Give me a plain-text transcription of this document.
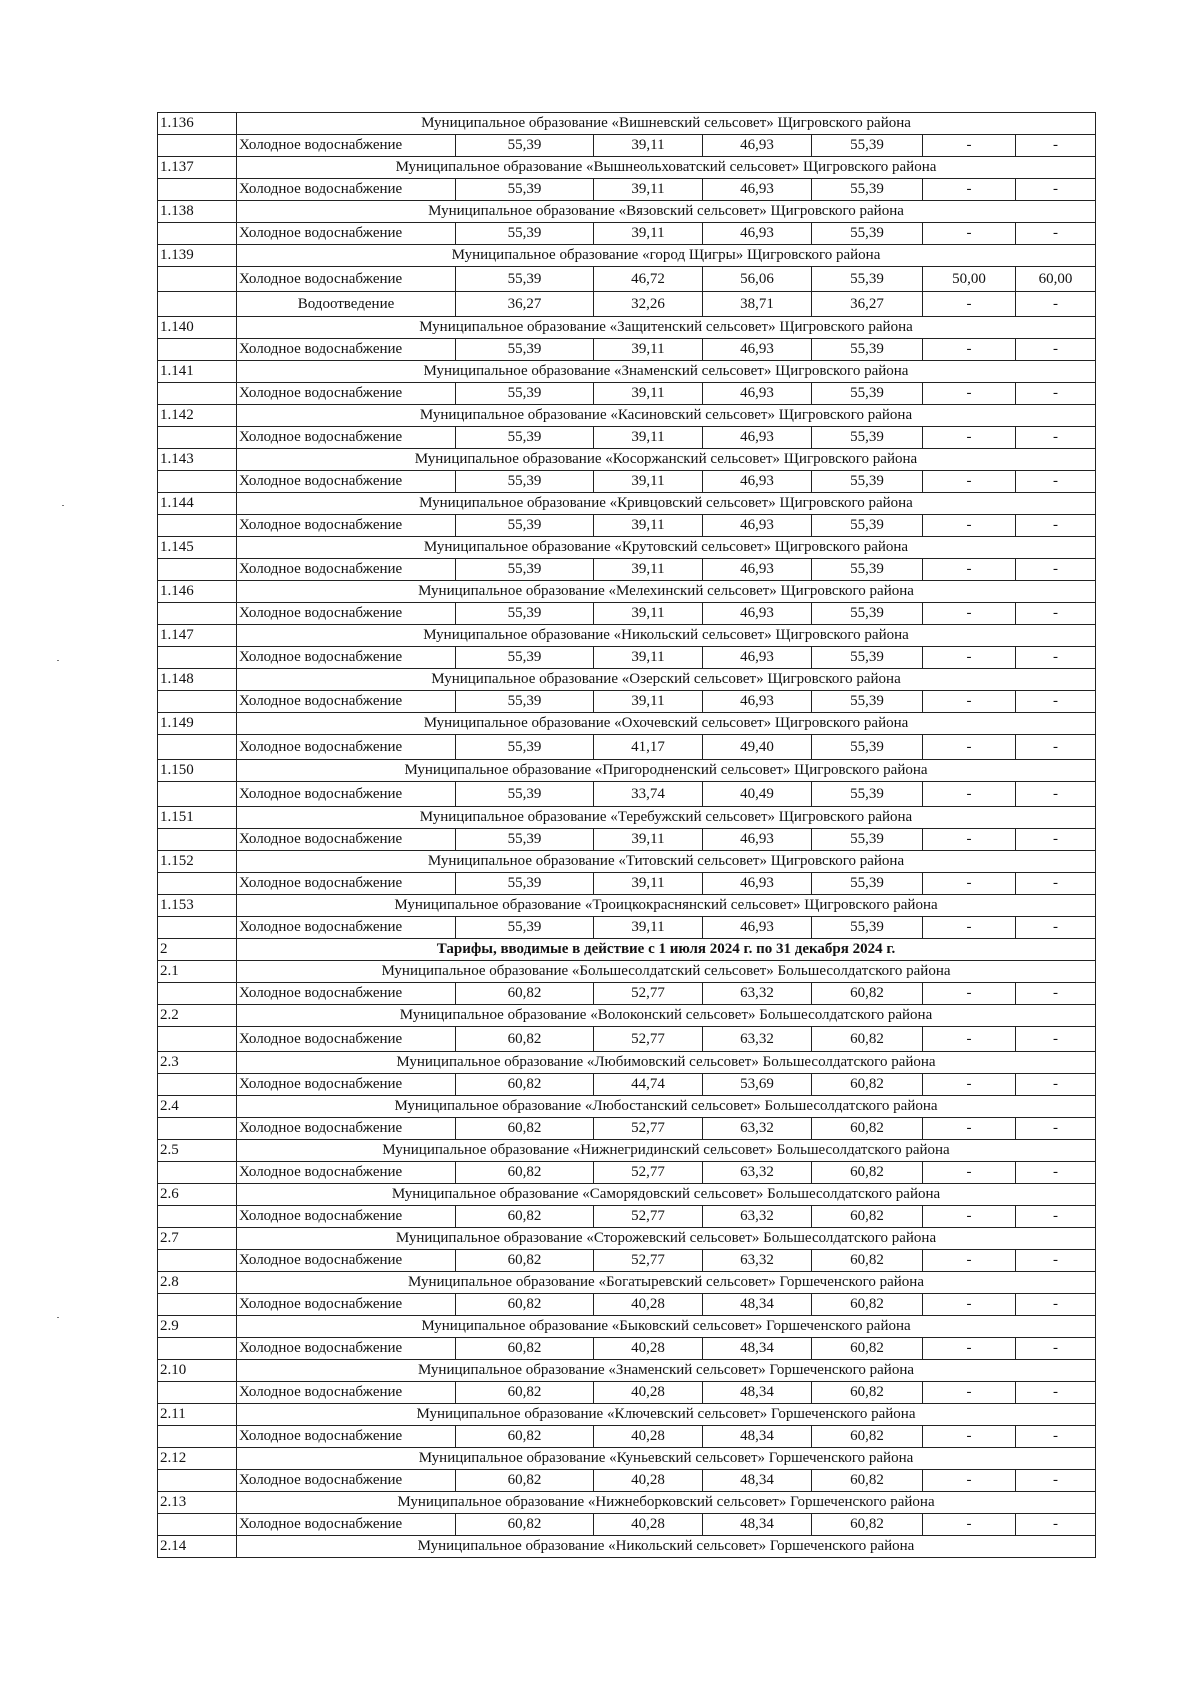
1.136	Муниципальное образование «Вишневский сельсовет» Щигровского района						
	Холодное водоснабжение	55,39	39,11	46,93	55,39	-	-
1.137	Муниципальное образование «Вышнеольховатский сельсовет» Щигровского района						
	Холодное водоснабжение	55,39	39,11	46,93	55,39	-	-
1.138	Муниципальное образование «Вязовский сельсовет» Щигровского района						
	Холодное водоснабжение	55,39	39,11	46,93	55,39	-	-
1.139	Муниципальное образование «город Щигры» Щигровского района						
	Холодное водоснабжение	55,39	46,72	56,06	55,39	50,00	60,00
	Водоотведение	36,27	32,26	38,71	36,27	-	-
1.140	Муниципальное образование «Защитенский сельсовет» Щигровского района						
	Холодное водоснабжение	55,39	39,11	46,93	55,39	-	-
1.141	Муниципальное образование «Знаменский сельсовет» Щигровского района						
	Холодное водоснабжение	55,39	39,11	46,93	55,39	-	-
1.142	Муниципальное образование «Касиновский сельсовет» Щигровского района						
	Холодное водоснабжение	55,39	39,11	46,93	55,39	-	-
1.143	Муниципальное образование «Косоржанский сельсовет» Щигровского района						
	Холодное водоснабжение	55,39	39,11	46,93	55,39	-	-
1.144	Муниципальное образование «Кривцовский сельсовет» Щигровского района						
	Холодное водоснабжение	55,39	39,11	46,93	55,39	-	-
1.145	Муниципальное образование «Крутовский сельсовет» Щигровского района						
	Холодное водоснабжение	55,39	39,11	46,93	55,39	-	-
1.146	Муниципальное образование «Мелехинский сельсовет» Щигровского района						
	Холодное водоснабжение	55,39	39,11	46,93	55,39	-	-
1.147	Муниципальное образование «Никольский сельсовет» Щигровского района						
	Холодное водоснабжение	55,39	39,11	46,93	55,39	-	-
1.148	Муниципальное образование «Озерский сельсовет» Щигровского района						
	Холодное водоснабжение	55,39	39,11	46,93	55,39	-	-
1.149	Муниципальное образование «Охочевский сельсовет» Щигровского района						
	Холодное водоснабжение	55,39	41,17	49,40	55,39	-	-
1.150	Муниципальное образование «Пригородненский сельсовет» Щигровского района						
	Холодное водоснабжение	55,39	33,74	40,49	55,39	-	-
1.151	Муниципальное образование «Теребужский сельсовет» Щигровского района						
	Холодное водоснабжение	55,39	39,11	46,93	55,39	-	-
1.152	Муниципальное образование «Титовский сельсовет» Щигровского района						
	Холодное водоснабжение	55,39	39,11	46,93	55,39	-	-
1.153	Муниципальное образование «Троицкокраснянский сельсовет» Щигровского района						
	Холодное водоснабжение	55,39	39,11	46,93	55,39	-	-
2	Тарифы, вводимые в действие с 1 июля 2024 г. по 31 декабря 2024 г.						
2.1	Муниципальное образование «Большесолдатский сельсовет» Большесолдатского района						
	Холодное водоснабжение	60,82	52,77	63,32	60,82	-	-
2.2	Муниципальное образование «Волоконский сельсовет» Большесолдатского района						
	Холодное водоснабжение	60,82	52,77	63,32	60,82	-	-
2.3	Муниципальное образование «Любимовский сельсовет» Большесолдатского района						
	Холодное водоснабжение	60,82	44,74	53,69	60,82	-	-
2.4	Муниципальное образование «Любостанский сельсовет» Большесолдатского района						
	Холодное водоснабжение	60,82	52,77	63,32	60,82	-	-
2.5	Муниципальное образование «Нижнегридинский сельсовет» Большесолдатского района						
	Холодное водоснабжение	60,82	52,77	63,32	60,82	-	-
2.6	Муниципальное образование «Саморядовский сельсовет» Большесолдатского района						
	Холодное водоснабжение	60,82	52,77	63,32	60,82	-	-
2.7	Муниципальное образование «Сторожевский сельсовет» Большесолдатского района						
	Холодное водоснабжение	60,82	52,77	63,32	60,82	-	-
2.8	Муниципальное образование «Богатыревский сельсовет» Горшеченского района						
	Холодное водоснабжение	60,82	40,28	48,34	60,82	-	-
2.9	Муниципальное образование «Быковский сельсовет» Горшеченского района						
	Холодное водоснабжение	60,82	40,28	48,34	60,82	-	-
2.10	Муниципальное образование «Знаменский сельсовет» Горшеченского района						
	Холодное водоснабжение	60,82	40,28	48,34	60,82	-	-
2.11	Муниципальное образование «Ключевский сельсовет» Горшеченского района						
	Холодное водоснабжение	60,82	40,28	48,34	60,82	-	-
2.12	Муниципальное образование «Куньевский сельсовет» Горшеченского района						
	Холодное водоснабжение	60,82	40,28	48,34	60,82	-	-
2.13	Муниципальное образование «Нижнеборковский сельсовет» Горшеченского района						
	Холодное водоснабжение	60,82	40,28	48,34	60,82	-	-
2.14	Муниципальное образование «Никольский сельсовет» Горшеченского района						
